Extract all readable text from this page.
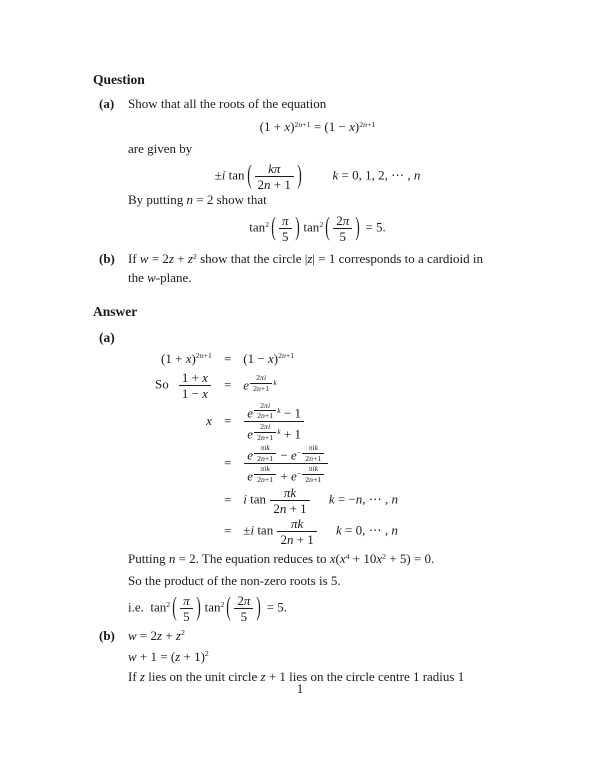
Question
(a) Show that all the roots of the equation
(1 + x)2n+1 = (1 − x)2n+1
are given by
±i tan ( $\frac{k\pi}{2n + 1}$ ) k = 0, 1, 2, ⋯ , n
By putting n = 2 show that
tan2 ( $\frac{\pi}{5}$ ) tan2 ( $\frac{2\pi}{5}$ ) = 5.
(b) If w = 2z + z2 show that the circle |z| = 1 corresponds to a cardioid in
the w-plane.
Answer
(a)
(1 + x)2n+1 = (1 − x)2n+1
So $\frac{1 + x}{1 - x} = e \frac{2\pi i}{2n+1}$ k
$x = \frac{e \frac{2\pi i}{2n+1} k - 1}{e \frac{2\pi i}{2n+1} k + 1}$
=
e πik
2n+1 − e−
πik
2n+1
e πik
2n+1 + e−
πik
2n+1
= i $\tan \frac{\pi k}{2n + 1}$ k = −n, ⋯ , n
= ±i $\tan \frac{\pi k}{2n + 1}$ k = 0, ⋯ , n
Putting n = 2. The equation reduces to x(x4 + 10x2 + 5) = 0.
So the product of the non-zero roots is 5.
i.e. tan2 ( $\frac{\pi}{5}$ ) tan2 ( $\frac{2\pi}{5}$ ) = 5.
(b) w = 2z + z2
w + 1 = (z + 1)2
If z lies on the unit circle z + 1 lies on the circle centre 1 radius 1
1
